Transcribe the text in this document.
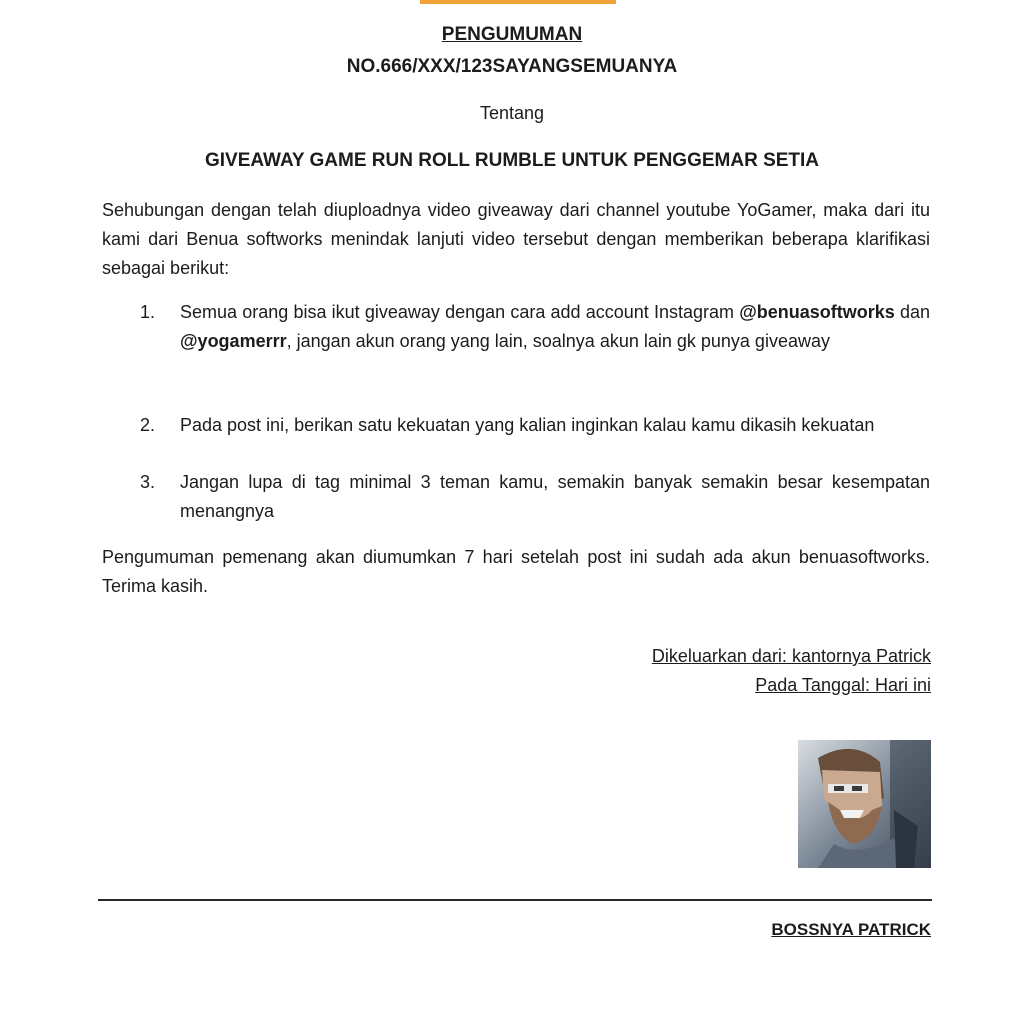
PENGUMUMAN
NO.666/XXX/123SAYANGSEMUANYA
Tentang
GIVEAWAY GAME RUN ROLL RUMBLE UNTUK PENGGEMAR SETIA

Sehubungan dengan telah diuploadnya video giveaway dari channel youtube YoGamer, maka dari itu kami dari Benua softworks menindak lanjuti video tersebut dengan memberikan beberapa klarifikasi sebagai berikut:

1.	Semua orang bisa ikut giveaway dengan cara add account Instagram @benuasoftworks dan @yogamerrr, jangan akun orang yang lain, soalnya akun lain gk punya giveaway
2.	Pada post ini, berikan satu kekuatan yang kalian inginkan kalau kamu dikasih kekuatan
3.	Jangan lupa di tag minimal 3 teman kamu, semakin banyak semakin besar kesempatan menangnya

Pengumuman pemenang akan diumumkan 7 hari setelah post ini sudah ada akun benuasoftworks. Terima kasih.

Dikeluarkan dari: kantornya Patrick
Pada Tanggal: Hari ini
BOSSNYA PATRICK
